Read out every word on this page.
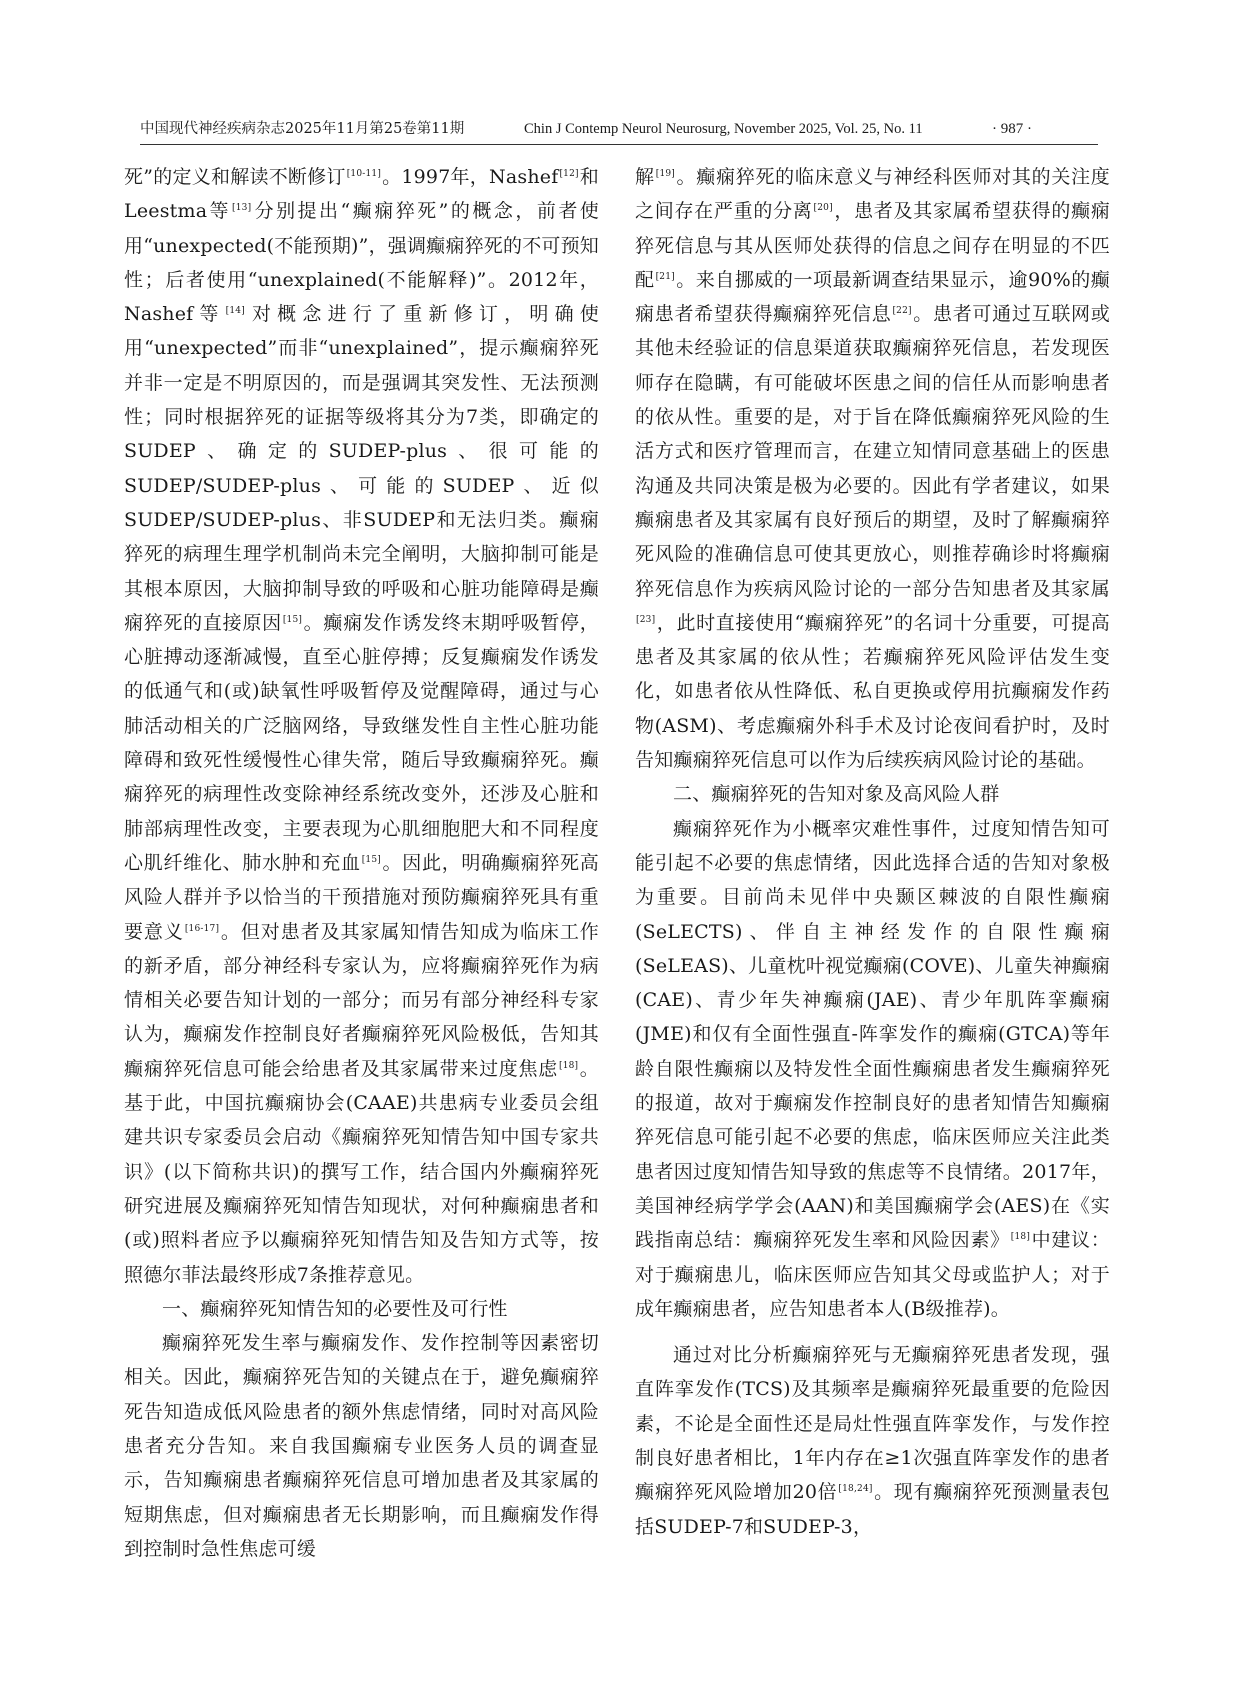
中国现代神经疾病杂志2025年11月第25卷第11期	Chin J Contemp Neurol Neurosurg, November 2025, Vol. 25, No. 11	· 987 ·

死”的定义和解读不断修订[10-11]。1997年，Nashef[12]和Leestma等[13]分别提出“癫痫猝死”的概念，前者使用“unexpected(不能预期)”，强调癫痫猝死的不可预知性；后者使用“unexplained(不能解释)”。2012年，Nashef等[14]对概念进行了重新修订，明确使用“unexpected”而非“unexplained”，提示癫痫猝死并非一定是不明原因的，而是强调其突发性、无法预测性；同时根据猝死的证据等级将其分为7类，即确定的SUDEP、确定的SUDEP-plus、很可能的SUDEP/SUDEP-plus、可能的SUDEP、近似SUDEP/SUDEP-plus、非SUDEP和无法归类。癫痫猝死的病理生理学机制尚未完全阐明，大脑抑制可能是其根本原因，大脑抑制导致的呼吸和心脏功能障碍是癫痫猝死的直接原因[15]。癫痫发作诱发终末期呼吸暂停，心脏搏动逐渐减慢，直至心脏停搏；反复癫痫发作诱发的低通气和(或)缺氧性呼吸暂停及觉醒障碍，通过与心肺活动相关的广泛脑网络，导致继发性自主性心脏功能障碍和致死性缓慢性心律失常，随后导致癫痫猝死。癫痫猝死的病理性改变除神经系统改变外，还涉及心脏和肺部病理性改变，主要表现为心肌细胞肥大和不同程度心肌纤维化、肺水肿和充血[15]。因此，明确癫痫猝死高风险人群并予以恰当的干预措施对预防癫痫猝死具有重要意义[16-17]。但对患者及其家属知情告知成为临床工作的新矛盾，部分神经科专家认为，应将癫痫猝死作为病情相关必要告知计划的一部分；而另有部分神经科专家认为，癫痫发作控制良好者癫痫猝死风险极低，告知其癫痫猝死信息可能会给患者及其家属带来过度焦虑[18]。基于此，中国抗癫痫协会(CAAE)共患病专业委员会组建共识专家委员会启动《癫痫猝死知情告知中国专家共识》(以下简称共识)的撰写工作，结合国内外癫痫猝死研究进展及癫痫猝死知情告知现状，对何种癫痫患者和(或)照料者应予以癫痫猝死知情告知及告知方式等，按照德尔菲法最终形成7条推荐意见。

一、癫痫猝死知情告知的必要性及可行性

癫痫猝死发生率与癫痫发作、发作控制等因素密切相关。因此，癫痫猝死告知的关键点在于，避免癫痫猝死告知造成低风险患者的额外焦虑情绪，同时对高风险患者充分告知。来自我国癫痫专业医务人员的调查显示，告知癫痫患者癫痫猝死信息可增加患者及其家属的短期焦虑，但对癫痫患者无长期影响，而且癫痫发作得到控制时急性焦虑可缓

解[19]。癫痫猝死的临床意义与神经科医师对其的关注度之间存在严重的分离[20]，患者及其家属希望获得的癫痫猝死信息与其从医师处获得的信息之间存在明显的不匹配[21]。来自挪威的一项最新调查结果显示，逾90%的癫痫患者希望获得癫痫猝死信息[22]。患者可通过互联网或其他未经验证的信息渠道获取癫痫猝死信息，若发现医师存在隐瞒，有可能破坏医患之间的信任从而影响患者的依从性。重要的是，对于旨在降低癫痫猝死风险的生活方式和医疗管理而言，在建立知情同意基础上的医患沟通及共同决策是极为必要的。因此有学者建议，如果癫痫患者及其家属有良好预后的期望，及时了解癫痫猝死风险的准确信息可使其更放心，则推荐确诊时将癫痫猝死信息作为疾病风险讨论的一部分告知患者及其家属[23]，此时直接使用“癫痫猝死”的名词十分重要，可提高患者及其家属的依从性；若癫痫猝死风险评估发生变化，如患者依从性降低、私自更换或停用抗癫痫发作药物(ASM)、考虑癫痫外科手术及讨论夜间看护时，及时告知癫痫猝死信息可以作为后续疾病风险讨论的基础。

二、癫痫猝死的告知对象及高风险人群

癫痫猝死作为小概率灾难性事件，过度知情告知可能引起不必要的焦虑情绪，因此选择合适的告知对象极为重要。目前尚未见伴中央颞区棘波的自限性癫痫(SeLECTS)、伴自主神经发作的自限性癫痫(SeLEAS)、儿童枕叶视觉癫痫(COVE)、儿童失神癫痫(CAE)、青少年失神癫痫(JAE)、青少年肌阵挛癫痫(JME)和仅有全面性强直-阵挛发作的癫痫(GTCA)等年龄自限性癫痫以及特发性全面性癫痫患者发生癫痫猝死的报道，故对于癫痫发作控制良好的患者知情告知癫痫猝死信息可能引起不必要的焦虑，临床医师应关注此类患者因过度知情告知导致的焦虑等不良情绪。2017年，美国神经病学学会(AAN)和美国癫痫学会(AES)在《实践指南总结：癫痫猝死发生率和风险因素》[18]中建议：对于癫痫患儿，临床医师应告知其父母或监护人；对于成年癫痫患者，应告知患者本人(B级推荐)。

通过对比分析癫痫猝死与无癫痫猝死患者发现，强直阵挛发作(TCS)及其频率是癫痫猝死最重要的危险因素，不论是全面性还是局灶性强直阵挛发作，与发作控制良好患者相比，1年内存在≥1次强直阵挛发作的患者癫痫猝死风险增加20倍[18,24]。现有癫痫猝死预测量表包括SUDEP-7和SUDEP-3，
